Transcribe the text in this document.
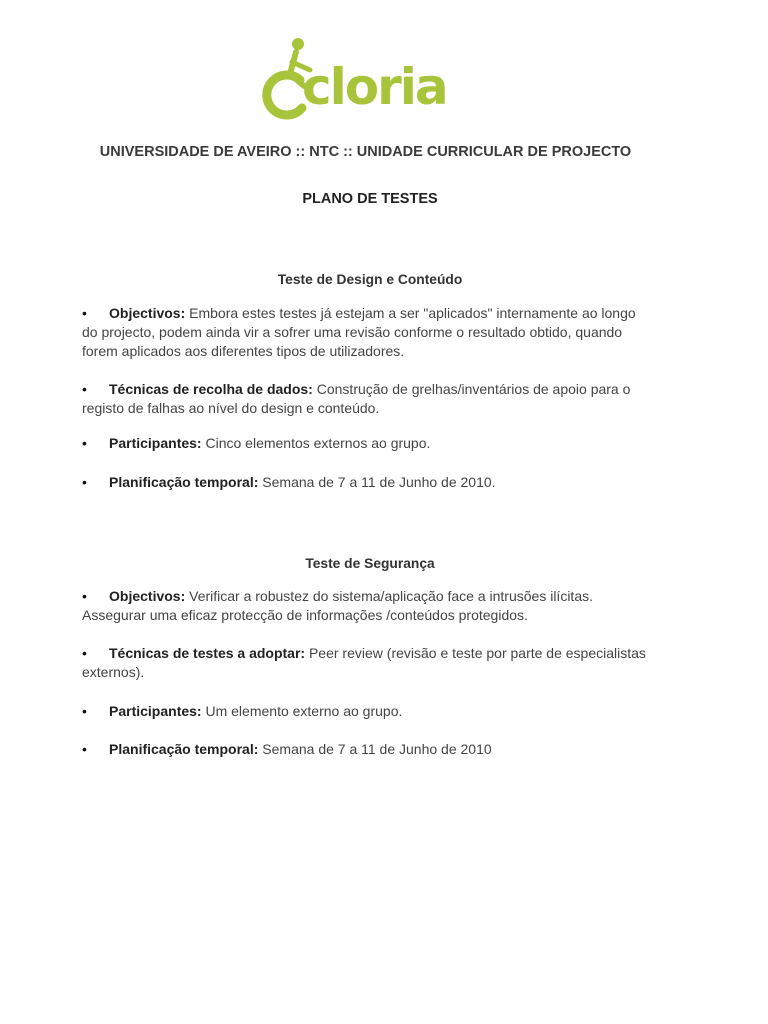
cloria
UNIVERSIDADE DE AVEIRO :: NTC :: UNIDADE CURRICULAR DE PROJECTO
PLANO DE TESTES
Teste de Design e Conteúdo
• Objectivos: Embora estes testes já estejam a ser "aplicados" internamente ao longo do projecto, podem ainda vir a sofrer uma revisão conforme o resultado obtido, quando forem aplicados aos diferentes tipos de utilizadores.
• Técnicas de recolha de dados: Construção de grelhas/inventários de apoio para o registo de falhas ao nível do design e conteúdo.
• Participantes: Cinco elementos externos ao grupo.
• Planificação temporal: Semana de 7 a 11 de Junho de 2010.
Teste de Segurança
• Objectivos: Verificar a robustez do sistema/aplicação face a intrusões ilícitas. Assegurar uma eficaz protecção de informações /conteúdos protegidos.
• Técnicas de testes a adoptar: Peer review (revisão e teste por parte de especialistas externos).
• Participantes: Um elemento externo ao grupo.
• Planificação temporal: Semana de 7 a 11 de Junho de 2010
